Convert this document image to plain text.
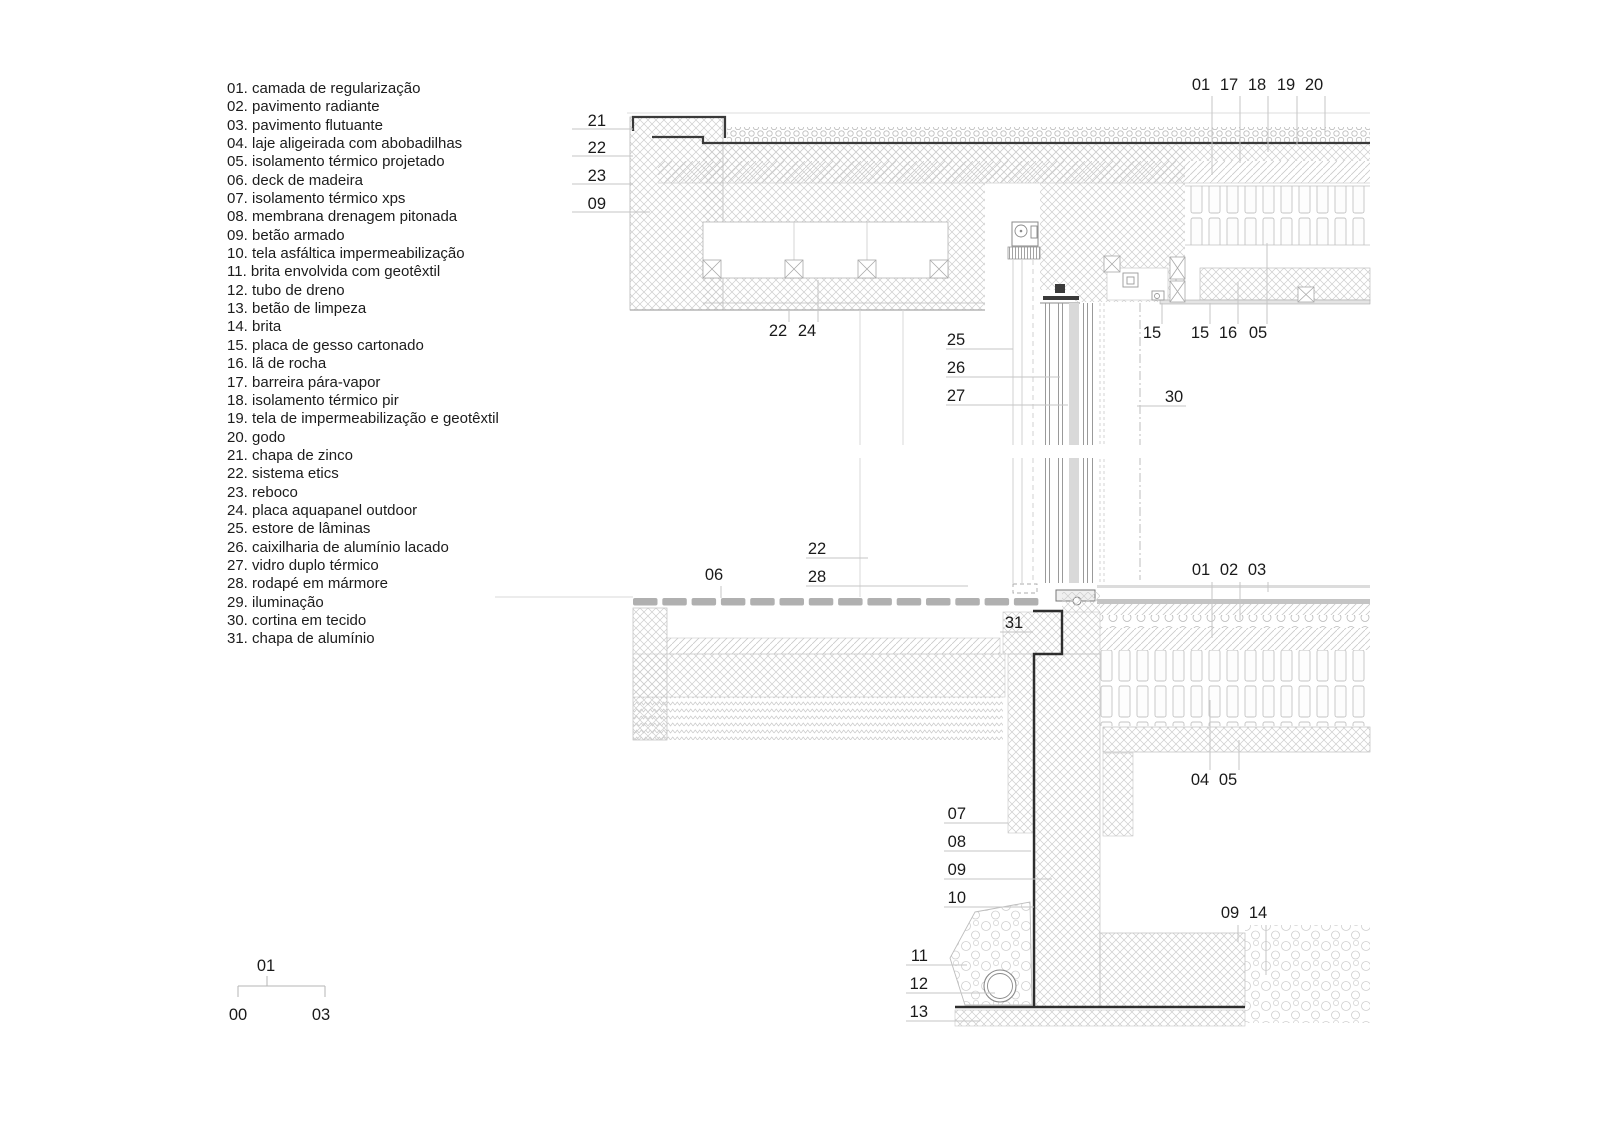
01. camada de regularização
02. pavimento radiante
03. pavimento flutuante
04. laje aligeirada com abobadilhas
05. isolamento térmico projetado
06. deck de madeira
07. isolamento térmico xps
08. membrana drenagem pitonada
09. betão armado
10. tela asfáltica impermeabilização
11. brita envolvida com geotêxtil
12. tubo de dreno
13. betão de limpeza
14. brita
15. placa de gesso cartonado
16. lã de rocha
17. barreira pára-vapor
18. isolamento térmico pir
19. tela de impermeabilização e geotêxtil
20. godo
21. chapa de zinco
22. sistema etics
23. reboco
24. placa aquapanel outdoor
25. estore de lâminas
26. caixilharia de alumínio lacado
27. vidro duplo térmico
28. rodapé em mármore
29. iluminação
30. cortina em tecido
31. chapa de alumínio
21
22
23
09
01 17 18 19 20
22 24	25
26
27
15 15 16 05
30
06
22
28
31
01 02 03
04 05
07
08
09
10
11
12
13
09 14
01
00	03
